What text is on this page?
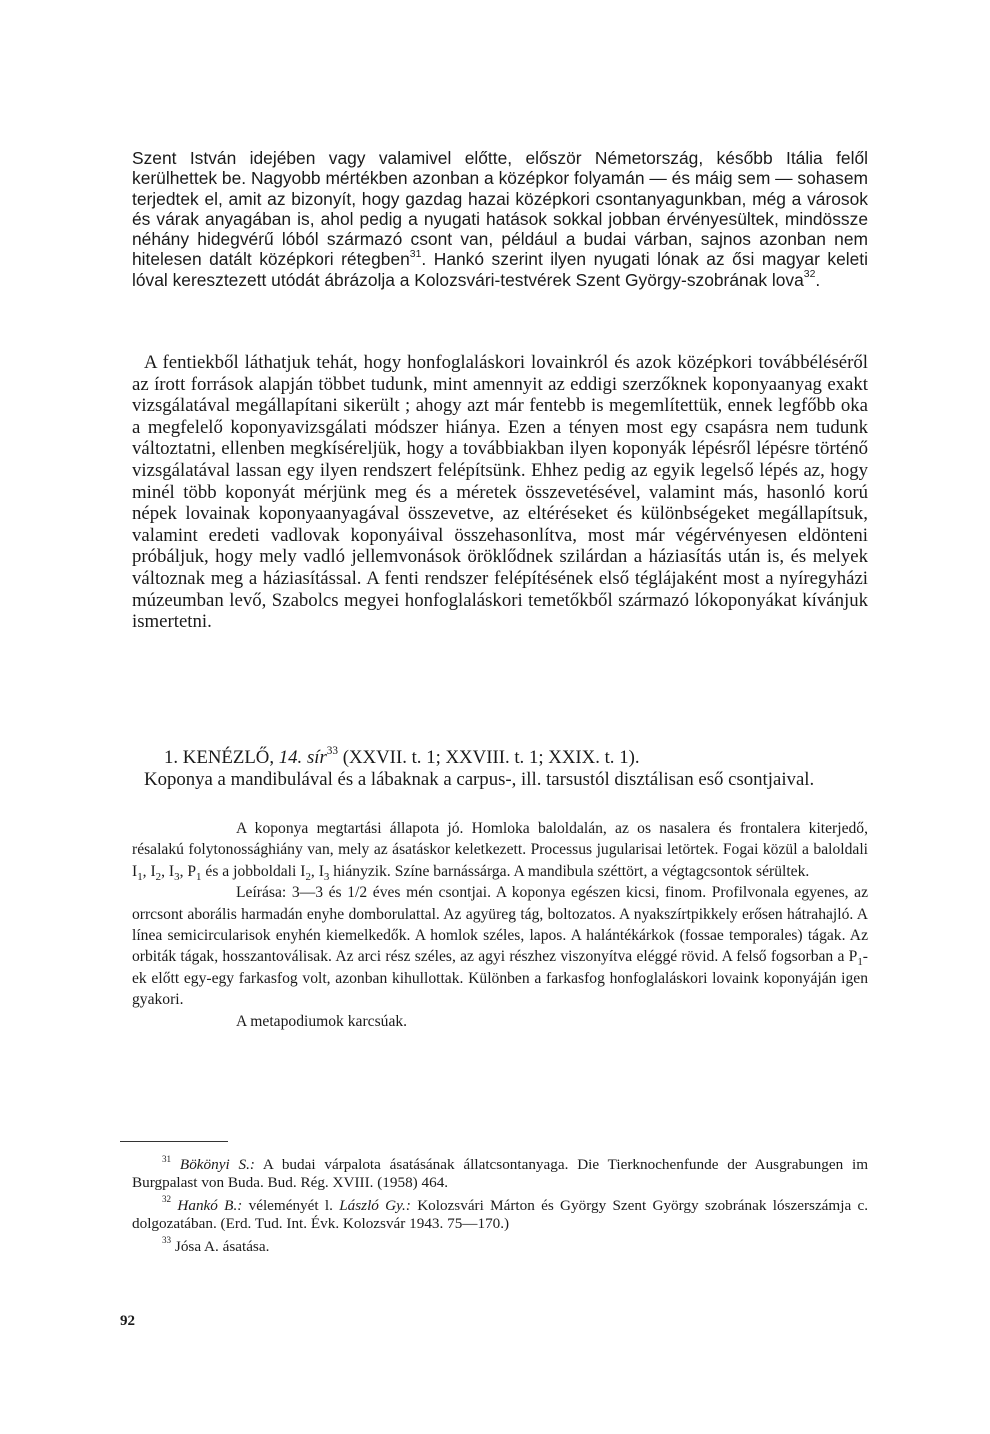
Szent István idejében vagy valamivel előtte, először Németország, később Itália felől kerülhettek be. Nagyobb mértékben azonban a középkor folyamán — és máig sem — sohasem terjedtek el, amit az bizonyít, hogy gazdag hazai középkori csontanyagunkban, még a városok és várak anyagában is, ahol pedig a nyugati hatások sokkal jobban érvényesültek, mindössze néhány hidegvérű lóból származó csont van, például a budai várban, sajnos azonban nem hitelesen datált középkori rétegben$^{31}$. Hankó szerint ilyen nyugati lónak az ősi magyar keleti lóval keresztezett utódát ábrázolja a Kolozsvári-testvérek Szent György-szobrának lova$^{32}$.

A fentiekből láthatjuk tehát, hogy honfoglaláskori lovainkról és azok középkori továbbéléséről az írott források alapján többet tudunk, mint amennyit az eddigi szerzőknek koponyaanyag exakt vizsgálatával megállapítani sikerült ; ahogy azt már fentebb is megemlítettük, ennek legfőbb oka a megfelelő koponyavizsgálati módszer hiánya. Ezen a tényen most egy csapásra nem tudunk változtatni, ellenben megkíséreljük, hogy a továbbiakban ilyen koponyák lépésről lépésre történő vizsgálatával lassan egy ilyen rendszert felépítsünk. Ehhez pedig az egyik legelső lépés az, hogy minél több koponyát mérjünk meg és a méretek összevetésével, valamint más, hasonló korú népek lovainak koponyaanyagával összevetve, az eltéréseket és különbségeket megállapítsuk, valamint eredeti vadlovak koponyáival összehasonlítva, most már végérvényesen eldönteni próbáljuk, hogy mely vadló jellemvonások öröklődnek szilárdan a háziasítás után is, és melyek változnak meg a háziasítással. A fenti rendszer felépítésének első téglájaként most a nyíregyházi múzeumban levő, Szabolcs megyei honfoglaláskori temetőkből származó lókoponyákat kívánjuk ismertetni.

1. KENÉZLŐ, 14. sír$^{33}$ (XXVII. t. 1; XXVIII. t. 1; XXIX. t. 1).

Koponya a mandibulával és a lábaknak a carpus-, ill. tarsustól disztálisan eső csontjaival.

A koponya megtartási állapota jó. Homloka baloldalán, az os nasalera és frontalera kiterjedő, résalakú folytonossághiány van, mely az ásatáskor keletkezett. Processus jugularisai letörtek. Fogai közül a baloldali $I_1$, $I_2$, $I_3$, $P_1$ és a jobboldali $I_2$, $I_3$ hiányzik. Színe barnássárga. A mandibula széttört, a végtagcsontok sérültek.

Leírása: 3—3 és 1/2 éves mén csontjai. A koponya egészen kicsi, finom. Profilvonala egyenes, az orrcsont aborális harmadán enyhe domborulattal. Az agyüreg tág, boltozatos. A nyakszírtpikkely erősen hátrahajló. A línea semicircularisok enyhén kiemelkedők. A homlok széles, lapos. A halántékárkok (fossae temporales) tágak. Az orbiták tágak, hosszantoválisak. Az arci rész széles, az agyi részhez viszonyítva eléggé rövid. A felső fogsorban a $P_1-ek$ előtt egy-egy farkasfog volt, azonban kihullottak. Különben a farkasfog honfoglaláskori lovaink koponyáján igen gyakori.

A metapodiumok karcsúak.

$^{31}$ Bökönyi S.: A budai várpalota ásatásának állatcsontanyaga. Die Tierknochenfunde der Ausgrabungen im Burgpalast von Buda. Bud. Rég. XVIII. (1958) 464.

$^{32}$ Hankó B.: véleményét l. László Gy.: Kolozsvári Márton és György Szent György szobrának lószerszámja c. dolgozatában. (Erd. Tud. Int. Évk. Kolozsvár 1943. 75—170.)

$^{33}$ Jósa A. ásatása.

92
